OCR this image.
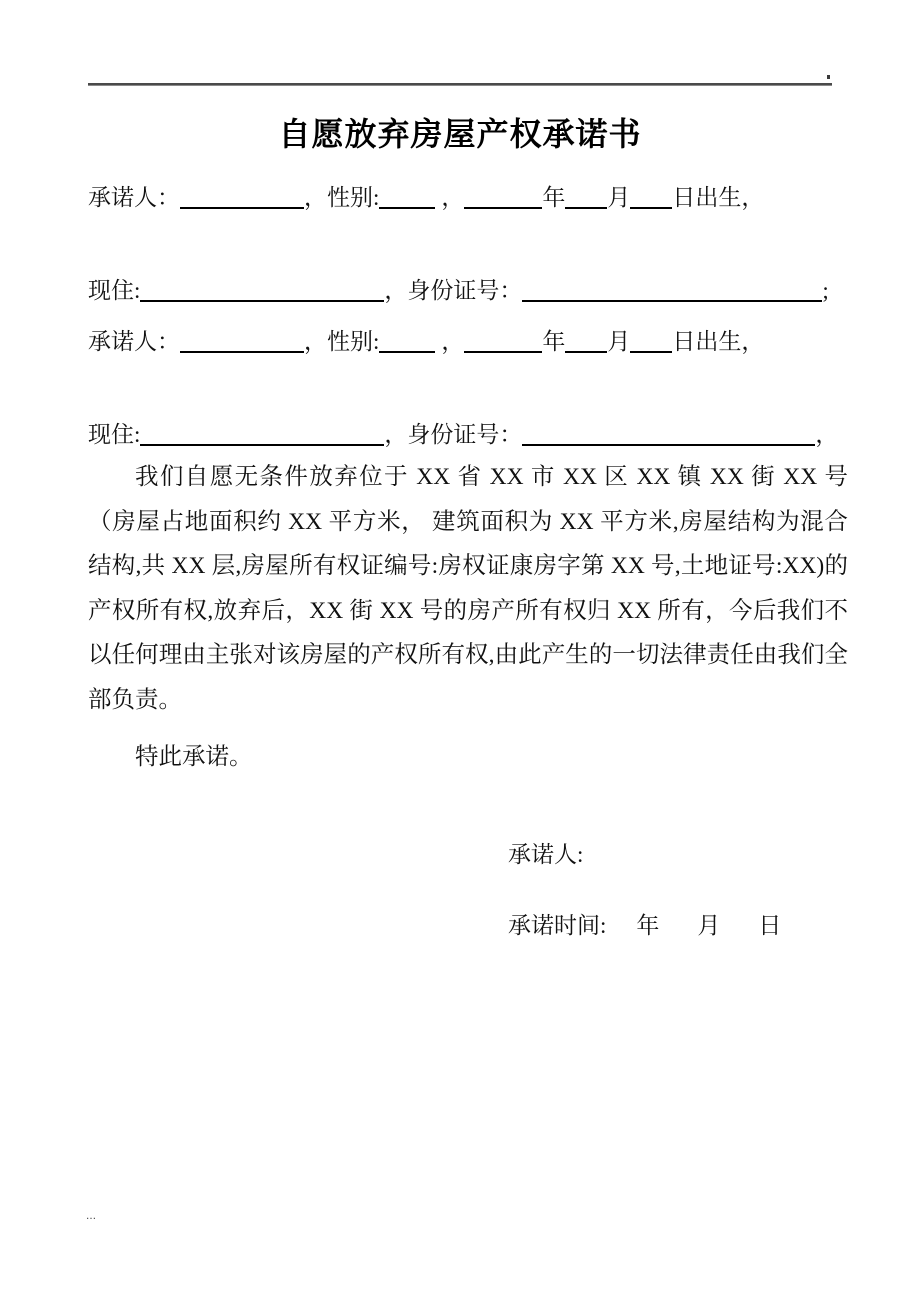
自愿放弃房屋产权承诺书
承诺人：	，性别:	，	年 月 日出生，
现住:	，身份证号：	;
承诺人：	，性别:	，	年 月 日出生，
现住:	，身份证号：	，
我们自愿无条件放弃位于 XX 省 XX 市 XX 区 XX 镇 XX 街 XX 号（房屋占地面积约 XX 平方米， 建筑面积为 XX 平方米,房屋结构为混合结构,共 XX 层,房屋所有权证编号:房权证康房字第 XX 号,土地证号:XX)的产权所有权,放弃后，XX 街 XX 号的房产所有权归 XX 所有，今后我们不以任何理由主张对该房屋的产权所有权,由此产生的一切法律责任由我们全部负责。
特此承诺。
承诺人:
承诺时间: 年 月 日
…
